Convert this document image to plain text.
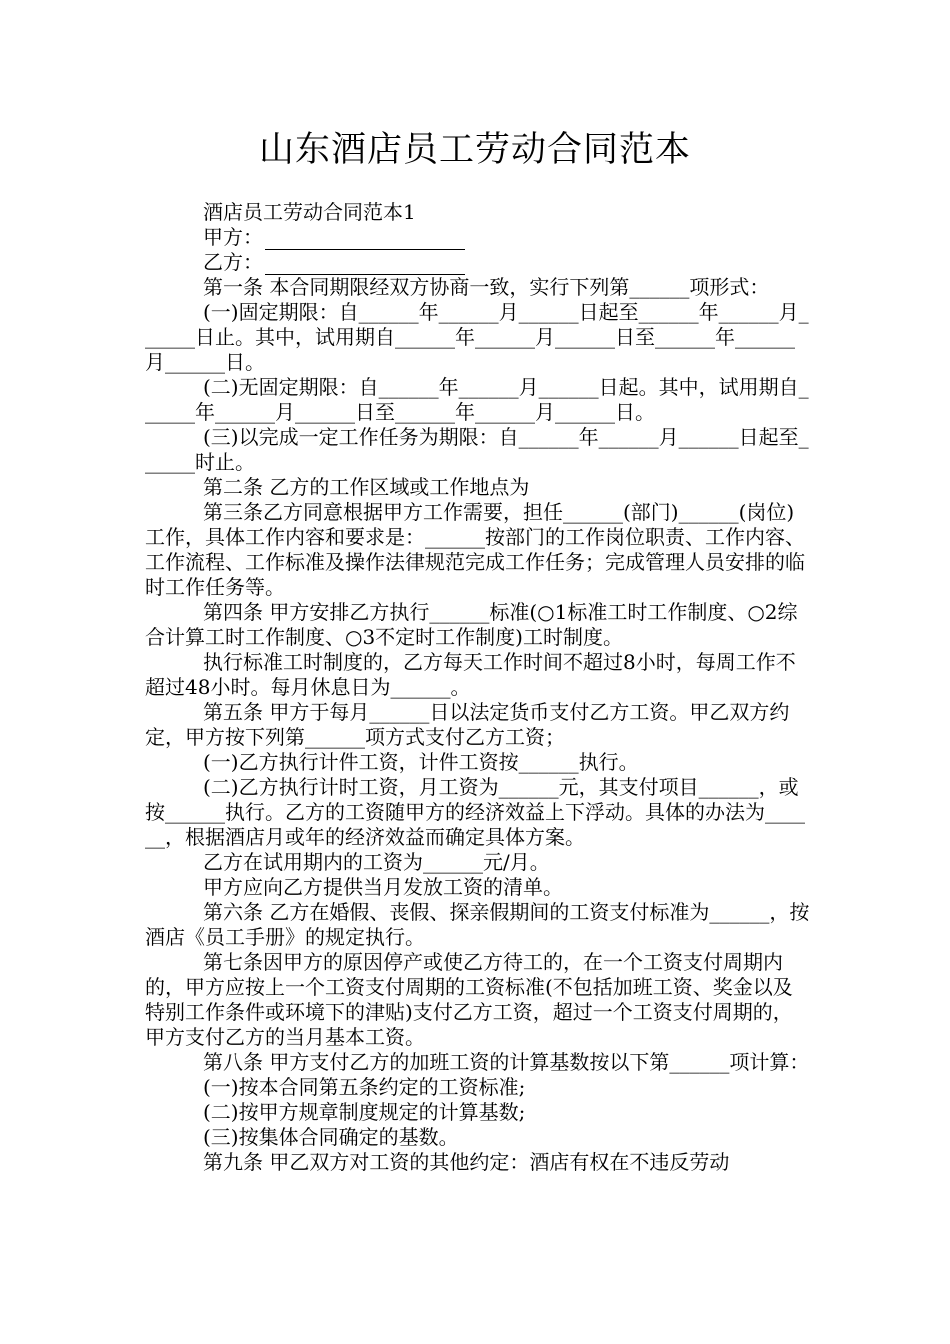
山东酒店员工劳动合同范本

酒店员工劳动合同范本1

甲方：

乙方：

第一条 本合同期限经双方协商一致，实行下列第______项形式：

(一)固定期限：自______年______月______日起至______年______月______日止。其中，试用期自______年______月______日至______年______月______日。

(二)无固定期限：自______年______月______日起。其中，试用期自______年______月______日至______年______月______日。

(三)以完成一定工作任务为期限：自______年______月______日起至______时止。

第二条 乙方的工作区域或工作地点为

第三条乙方同意根据甲方工作需要，担任______(部门)______(岗位)工作，具体工作内容和要求是：______按部门的工作岗位职责、工作内容、工作流程、工作标准及操作法律规范完成工作任务；完成管理人员安排的临时工作任务等。

第四条 甲方安排乙方执行______标准(○1标准工时工作制度、○2综合计算工时工作制度、○3不定时工作制度)工时制度。

执行标准工时制度的，乙方每天工作时间不超过8小时，每周工作不超过48小时。每月休息日为______。

第五条 甲方于每月______日以法定货币支付乙方工资。甲乙双方约定，甲方按下列第______项方式支付乙方工资；

(一)乙方执行计件工资，计件工资按______执行。

(二)乙方执行计时工资，月工资为______元，其支付项目______，或按______执行。乙方的工资随甲方的经济效益上下浮动。具体的办法为______，根据酒店月或年的经济效益而确定具体方案。

乙方在试用期内的工资为______元/月。

甲方应向乙方提供当月发放工资的清单。

第六条 乙方在婚假、丧假、探亲假期间的工资支付标准为______，按酒店《员工手册》的规定执行。

第七条因甲方的原因停产或使乙方待工的，在一个工资支付周期内的，甲方应按上一个工资支付周期的工资标准(不包括加班工资、奖金以及特别工作条件或环境下的津贴)支付乙方工资，超过一个工资支付周期的，甲方支付乙方的当月基本工资。

第八条 甲方支付乙方的加班工资的计算基数按以下第______项计算：

(一)按本合同第五条约定的工资标准;

(二)按甲方规章制度规定的计算基数;

(三)按集体合同确定的基数。

第九条 甲乙双方对工资的其他约定：酒店有权在不违反劳动
